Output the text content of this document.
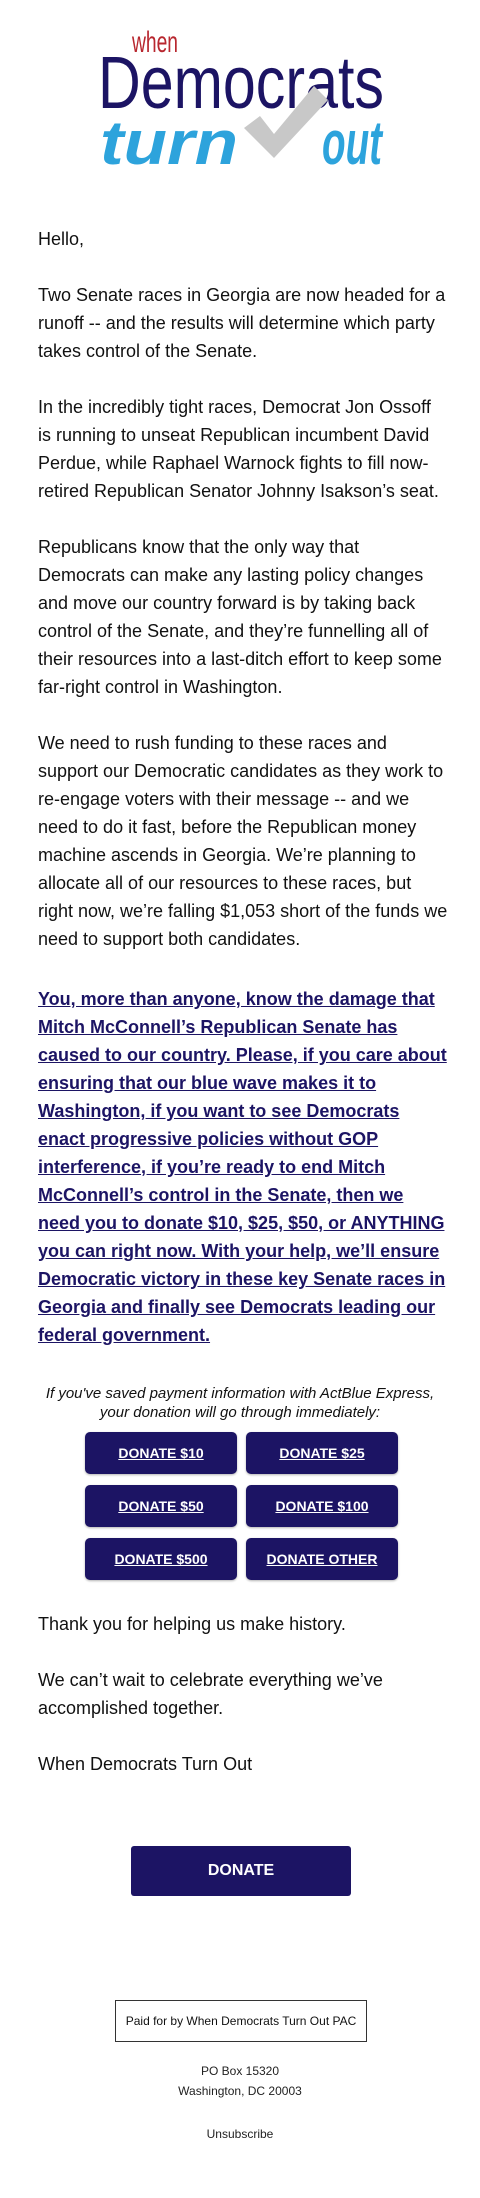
when
Democrats
turn out

Hello,

Two Senate races in Georgia are now headed for a runoff -- and the results will determine which party takes control of the Senate.

In the incredibly tight races, Democrat Jon Ossoff is running to unseat Republican incumbent David Perdue, while Raphael Warnock fights to fill now-retired Republican Senator Johnny Isakson’s seat.

Republicans know that the only way that Democrats can make any lasting policy changes and move our country forward is by taking back control of the Senate, and they’re funnelling all of their resources into a last-ditch effort to keep some far-right control in Washington.

We need to rush funding to these races and support our Democratic candidates as they work to re-engage voters with their message -- and we need to do it fast, before the Republican money machine ascends in Georgia. We’re planning to allocate all of our resources to these races, but right now, we’re falling $1,053 short of the funds we need to support both candidates.

You, more than anyone, know the damage that Mitch McConnell’s Republican Senate has caused to our country. Please, if you care about ensuring that our blue wave makes it to Washington, if you want to see Democrats enact progressive policies without GOP interference, if you’re ready to end Mitch McConnell’s control in the Senate, then we need you to donate $10, $25, $50, or ANYTHING you can right now. With your help, we’ll ensure Democratic victory in these key Senate races in Georgia and finally see Democrats leading our federal government.

If you've saved payment information with ActBlue Express, your donation will go through immediately:
DONATE $10	DONATE $25
DONATE $50	DONATE $100
DONATE $500	DONATE OTHER

Thank you for helping us make history.

We can’t wait to celebrate everything we’ve accomplished together.

When Democrats Turn Out

DONATE
Paid for by When Democrats Turn Out PAC
PO Box 15320
Washington, DC 20003
Unsubscribe
